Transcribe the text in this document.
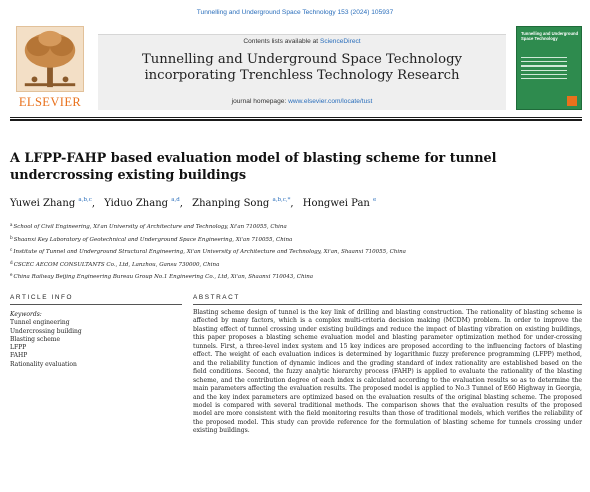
Tunnelling and Underground Space Technology 153 (2024) 105937
ELSEVIER
Contents lists available at ScienceDirect
Tunnelling and Underground Space Technology
incorporating Trenchless Technology Research
journal homepage: www.elsevier.com/locate/tust
Tunnelling and Underground Space Technology
A LFPP-FAHP based evaluation model of blasting scheme for tunnel undercrossing existing buildings
Yuwei Zhang $^{a,b,c}$, Yiduo Zhang $^{a,d}$, Zhanping Song $^{a,b,c,*}$, Hongwei Pan $^e$
$^a$School of Civil Engineering, Xi'an University of Architecture and Technology, Xi'an 710055, China
$^b$Shaanxi Key Laboratory of Geotechnical and Underground Space Engineering, Xi'an 710055, China
$^c$Institute of Tunnel and Underground Structural Engineering, Xi'an University of Architecture and Technology, Xi'an, Shaanxi 710055, China
$^d$CSCEC AECOM CONSULTANTS Co., Ltd, Lanzhou, Gansu 730000, China
$^e$China Railway Beijing Engineering Bureau Group No.1 Engineering Co., Ltd, Xi'an, Shaanxi 710043, China
ARTICLE INFO	ABSTRACT
Keywords:
Tunnel engineering
Undercrossing building
Blasting scheme
LFPP
FAHP
Rationality evaluation

Blasting scheme design of tunnel is the key link of drilling and blasting construction. The rationality of blasting scheme is affected by many factors, which is a complex multi-criteria decision making (MCDM) problem. In order to improve the blasting effect of tunnel crossing under existing buildings and reduce the impact of blasting vibration on existing buildings, this paper proposes a blasting scheme evaluation model and blasting parameter optimization method for under-crossing tunnels. First, a three-level index system and 15 key indices are proposed according to the influencing factors of blasting effect. The weight of each evaluation indices is determined by logarithmic fuzzy preference programming (LFPP) method, and the reliability function of dynamic indices and the grading standard of index rationality are established based on the field conditions. Second, the fuzzy analytic hierarchy process (FAHP) is applied to evaluate the rationality of the blasting scheme, and the contribution degree of each index is calculated according to the evaluation results so as to determine the main parameters affecting the evaluation results. The proposed model is applied to No.3 Tunnel of E60 Highway in Georgia, and the key index parameters are optimized based on the evaluation results of the original blasting scheme. The proposed model is compared with several traditional methods. The comparison shows that the evaluation results of the proposed model are more consistent with the field monitoring results than those of traditional models, which verifies the reliability of the proposed model. This study can provide reference for the formulation of blasting scheme for tunnels crossing under existing buildings.
